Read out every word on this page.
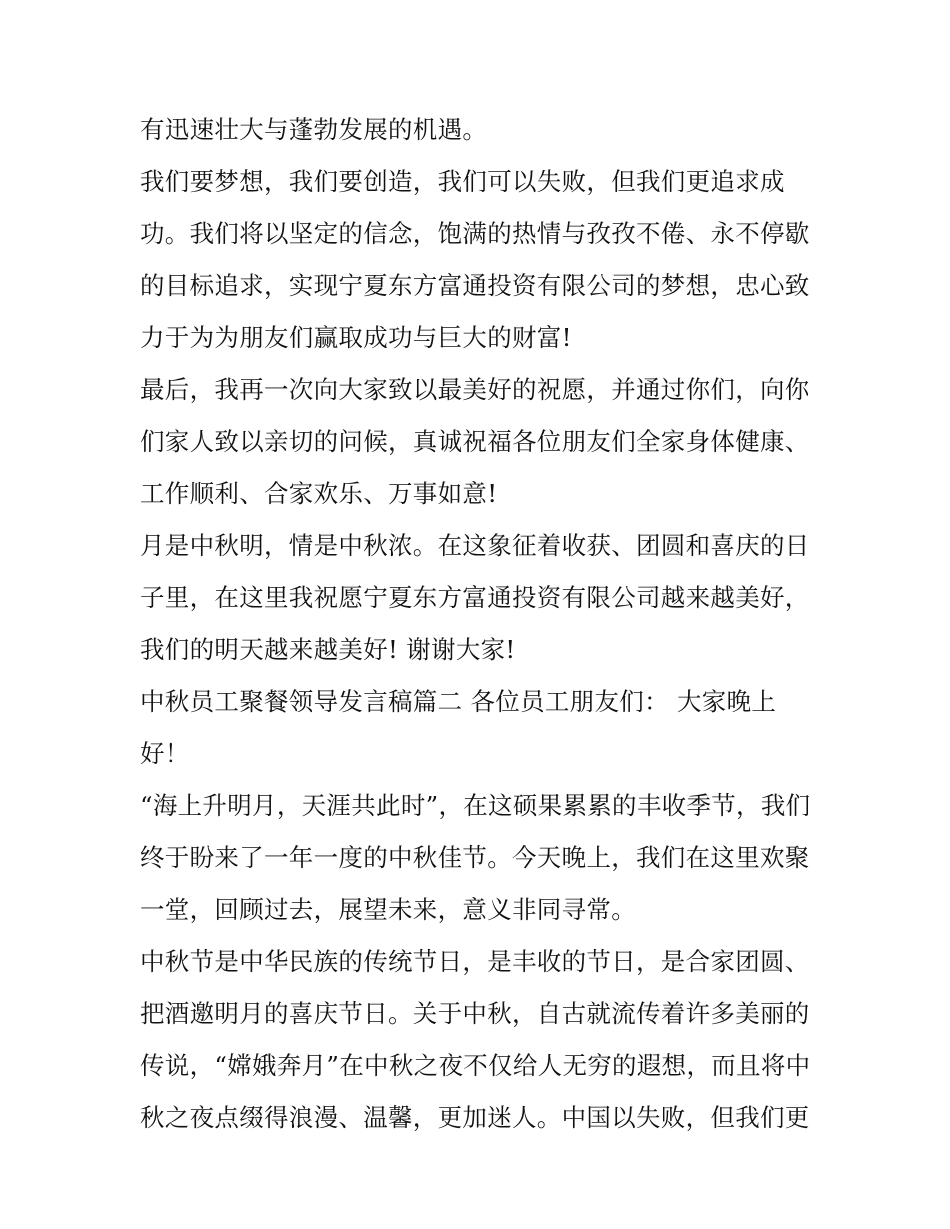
有迅速壮大与蓬勃发展的机遇。
我们要梦想，我们要创造，我们可以失败，但我们更追求成
功。我们将以坚定的信念，饱满的热情与孜孜不倦、永不停歇
的目标追求，实现宁夏东方富通投资有限公司的梦想，忠心致
力于为为朋友们赢取成功与巨大的财富!
最后，我再一次向大家致以最美好的祝愿，并通过你们，向你
们家人致以亲切的问候，真诚祝福各位朋友们全家身体健康、
工作顺利、合家欢乐、万事如意!
月是中秋明，情是中秋浓。在这象征着收获、团圆和喜庆的日
子里，在这里我祝愿宁夏东方富通投资有限公司越来越美好，
我们的明天越来越美好! 谢谢大家!
中秋员工聚餐领导发言稿篇二 各位员工朋友们： 大家晚上
好！
“海上升明月，天涯共此时”，在这硕果累累的丰收季节，我们
终于盼来了一年一度的中秋佳节。今天晚上，我们在这里欢聚
一堂，回顾过去，展望未来，意义非同寻常。
中秋节是中华民族的传统节日，是丰收的节日，是合家团圆、
把酒邀明月的喜庆节日。关于中秋，自古就流传着许多美丽的
传说，“嫦娥奔月”在中秋之夜不仅给人无穷的遐想，而且将中
秋之夜点缀得浪漫、温馨，更加迷人。中国以失败，但我们更
